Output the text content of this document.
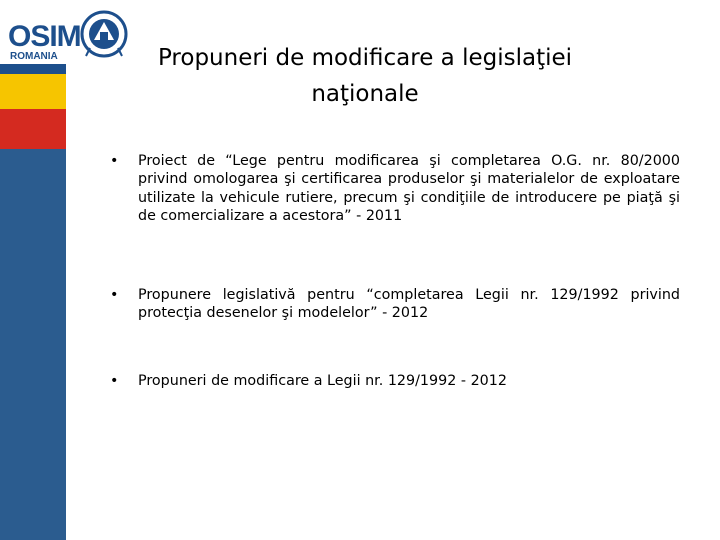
OSIM
ROMANIA	Propuneri de modificare a legislaţiei
naţionale
• Proiect de “Lege pentru modificarea şi completarea O.G. nr. 80/2000 privind omologarea şi certificarea produselor şi materialelor de exploatare utilizate la vehicule rutiere, precum şi condiţiile de introducere pe piaţă şi de comercializare a acestora” - 2011
• Propunere legislativă pentru “completarea Legii nr. 129/1992 privind protecţia desenelor şi modelelor” - 2012
• Propuneri de modificare a Legii nr. 129/1992 - 2012
